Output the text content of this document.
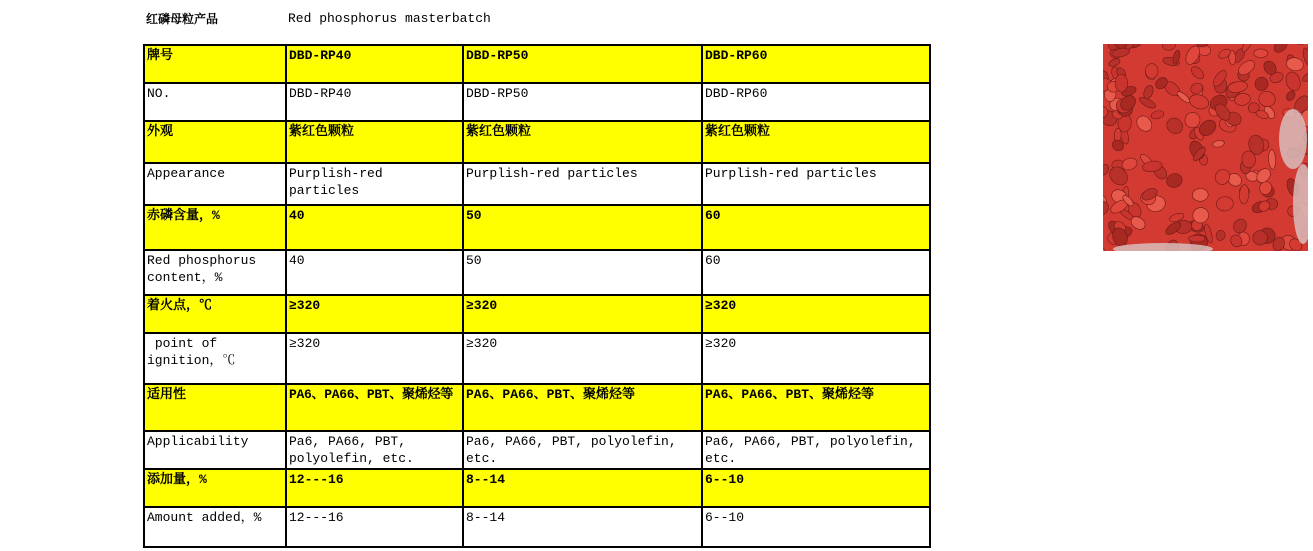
红磷母粒产品	Red phosphorus masterbatch
牌号	DBD-RP40	DBD-RP50	DBD-RP60
NO.	DBD-RP40	DBD-RP50	DBD-RP60
外观	紫红色颗粒	紫红色颗粒	紫红色颗粒
Appearance	Purplish-red particles	Purplish-red particles	Purplish-red particles
赤磷含量，%	40	50	60
Red phosphorus content，%	40	50	60
着火点，℃	≥320	≥320	≥320
point of ignition，℃	≥320	≥320	≥320
适用性	PA6、PA66、PBT、聚烯烃等	PA6、PA66、PBT、聚烯烃等	PA6、PA66、PBT、聚烯烃等
Applicability	Pa6, PA66, PBT, polyolefin, etc.	Pa6, PA66, PBT, polyolefin, etc.	Pa6, PA66, PBT, polyolefin, etc.
添加量，%	12---16	8--14	6--10
Amount added，%	12---16	8--14	6--10
